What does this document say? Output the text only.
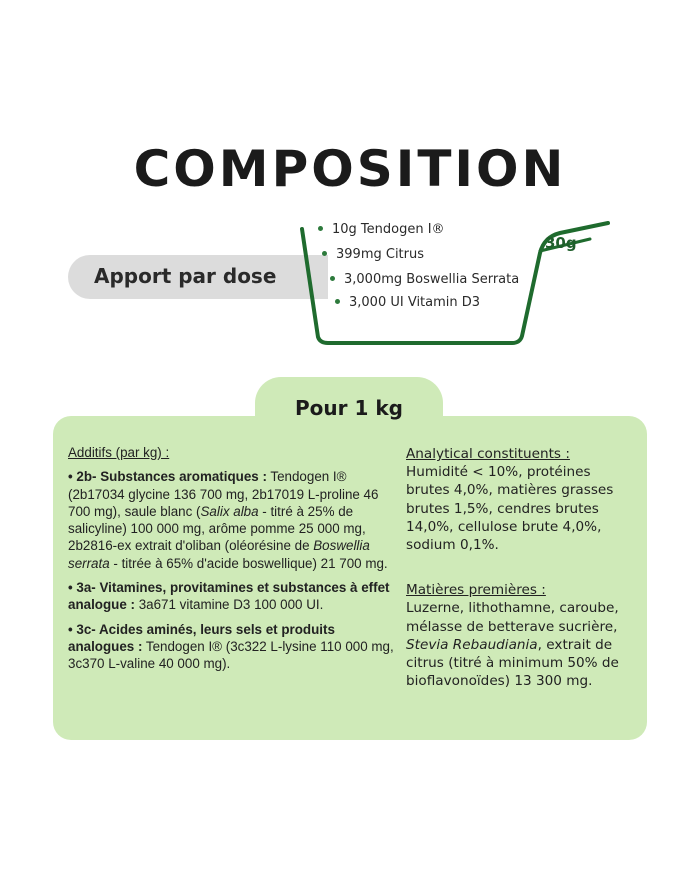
COMPOSITION
Apport par dose
10g Tendogen I®
399mg Citrus
3,000mg Boswellia Serrata
3,000 UI Vitamin D3
30g
Pour 1 kg

Additifs (par kg) :

• 2b- Substances aromatiques : Tendogen I® (2b17034 glycine 136 700 mg, 2b17019 L-proline 46 700 mg), saule blanc (Salix alba - titré à 25% de salicyline) 100 000 mg, arôme pomme 25 000 mg, 2b2816-ex extrait d'oliban (oléorésine de Boswellia serrata - titrée à 65% d'acide boswellique) 21 700 mg.

• 3a- Vitamines, provitamines et substances à effet analogue : 3a671 vitamine D3 100 000 UI.

• 3c- Acides aminés, leurs sels et produits analogues : Tendogen I® (3c322 L-lysine 110 000 mg, 3c370 L-valine 40 000 mg).

Analytical constituents :

Humidité < 10%, protéines brutes 4,0%, matières grasses brutes 1,5%, cendres brutes 14,0%, cellulose brute 4,0%, sodium 0,1%.

Matières premières :

Luzerne, lithothamne, caroube, mélasse de betterave sucrière, Stevia Rebaudiania, extrait de citrus (titré à minimum 50% de bioflavonoïdes) 13 300 mg.
